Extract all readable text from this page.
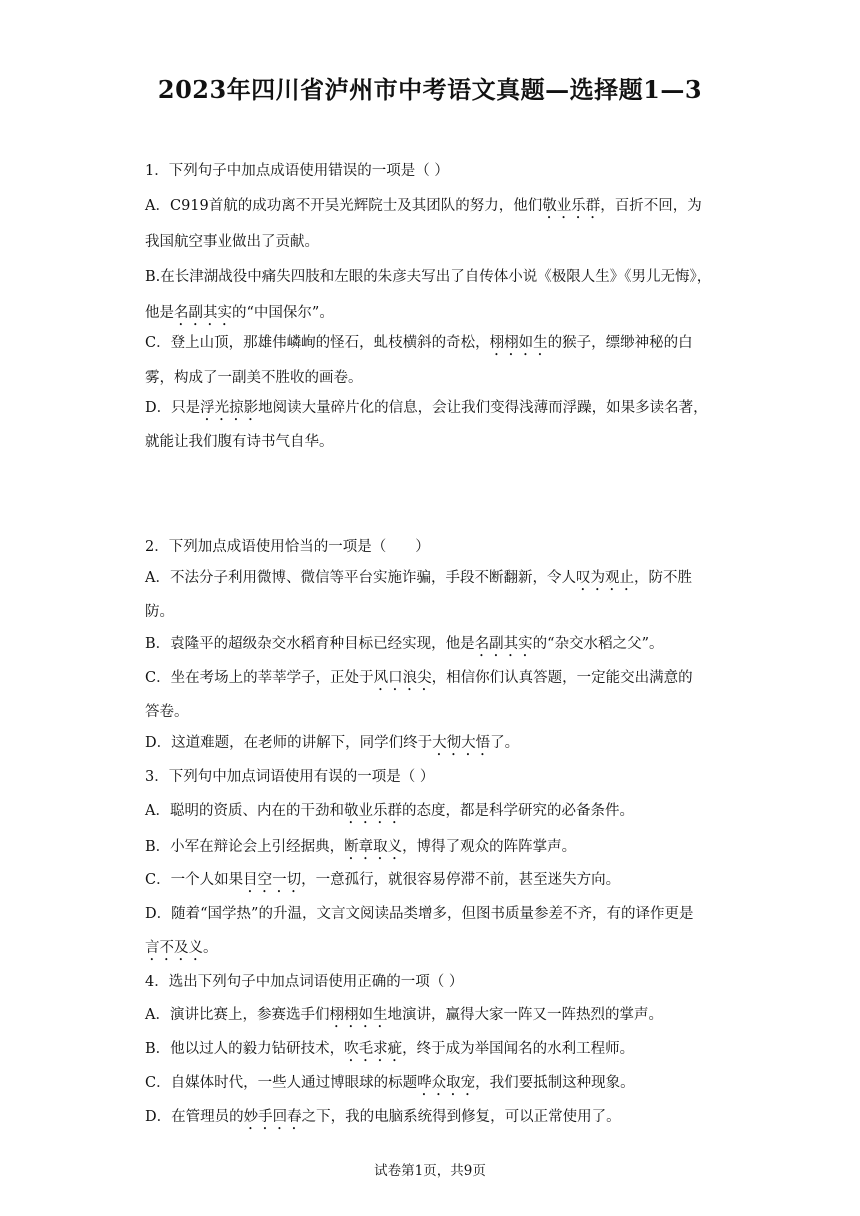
2023年四川省泸州市中考语文真题—选择题1—3
1．下列句子中加点成语使用错误的一项是（ ）
A．C919首航的成功离不开吴光辉院士及其团队的努力，他们敬业乐群，百折不回，为
我国航空事业做出了贡献。
B.在长津湖战役中痛失四肢和左眼的朱彦夫写出了自传体小说《极限人生》《男儿无悔》，
他是名副其实的“中国保尔”。
C．登上山顶，那雄伟嶙峋的怪石，虬枝横斜的奇松，栩栩如生的猴子，缥缈神秘的白
雾，构成了一副美不胜收的画卷。
D．只是浮光掠影地阅读大量碎片化的信息，会让我们变得浅薄而浮躁，如果多读名著，
就能让我们腹有诗书气自华。
2．下列加点成语使用恰当的一项是（　　）
A．不法分子利用微博、微信等平台实施诈骗，手段不断翻新，令人叹为观止，防不胜
防。
B．袁隆平的超级杂交水稻育种目标已经实现，他是名副其实的“杂交水稻之父”。
C．坐在考场上的莘莘学子，正处于风口浪尖，相信你们认真答题，一定能交出满意的
答卷。
D．这道难题，在老师的讲解下，同学们终于大彻大悟了。
3．下列句中加点词语使用有误的一项是（ ）
A．聪明的资质、内在的干劲和敬业乐群的态度，都是科学研究的必备条件。
B．小军在辩论会上引经据典，断章取义，博得了观众的阵阵掌声。
C．一个人如果目空一切，一意孤行，就很容易停滞不前，甚至迷失方向。
D．随着“国学热”的升温，文言文阅读品类增多，但图书质量参差不齐，有的译作更是
言不及义。
4．选出下列句子中加点词语使用正确的一项（ ）
A．演讲比赛上，参赛选手们栩栩如生地演讲，赢得大家一阵又一阵热烈的掌声。
B．他以过人的毅力钻研技术，吹毛求疵，终于成为举国闻名的水利工程师。
C．自媒体时代，一些人通过博眼球的标题哗众取宠，我们要抵制这种现象。
D．在管理员的妙手回春之下，我的电脑系统得到修复，可以正常使用了。
试卷第1页，共9页
